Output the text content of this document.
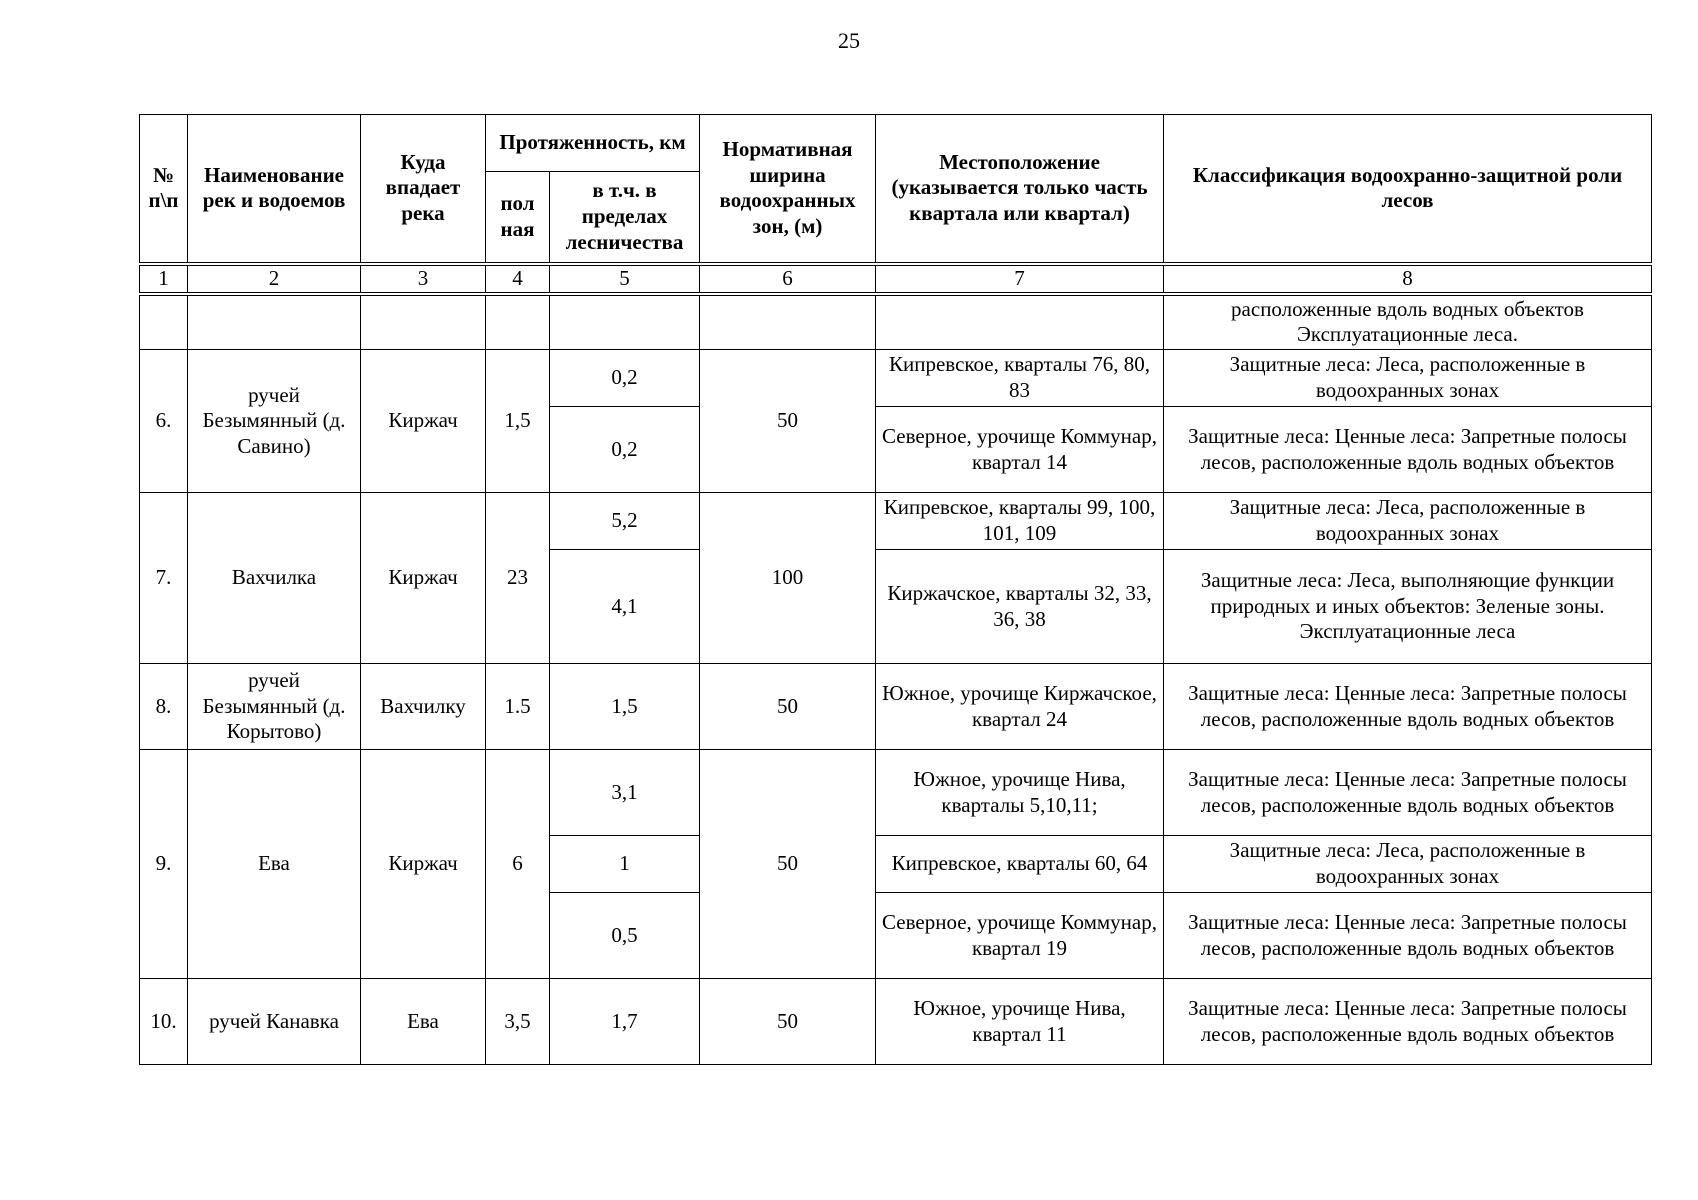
25
№ п\п	Наименование рек и водоемов	Куда впадает река	Протяженность, км		Нормативная ширина водоохранных зон, (м)	Местоположение (указывается только часть квартала или квартал)	Классификация водоохранно-защитной роли лесов
			пол ная	в т.ч. в пределах лесничества			
1	2	3	4	5	6	7	8
							расположенные вдоль водных объектов Эксплуатационные леса.
6.	ручей Безымянный (д. Савино)	Киржач	1,5	0,2	50	Кипревское, кварталы 76, 80, 83	Защитные леса: Леса, расположенные в водоохранных зонах
				0,2		Северное, урочище Коммунар, квартал 14	Защитные леса: Ценные леса: Запретные полосы лесов, расположенные вдоль водных объектов
7.	Вахчилка	Киржач	23	5,2	100	Кипревское, кварталы 99, 100, 101, 109	Защитные леса: Леса, расположенные в водоохранных зонах
				4,1		Киржачское, кварталы 32, 33, 36, 38	Защитные леса: Леса, выполняющие функции природных и иных объектов: Зеленые зоны. Эксплуатационные леса
8.	ручей Безымянный (д. Корытово)	Вахчилку	1.5	1,5	50	Южное, урочище Киржачское, квартал 24	Защитные леса: Ценные леса: Запретные полосы лесов, расположенные вдоль водных объектов
9.	Ева	Киржач	6	3,1	50	Южное, урочище Нива, кварталы 5,10,11;	Защитные леса: Ценные леса: Запретные полосы лесов, расположенные вдоль водных объектов
				1		Кипревское, кварталы 60, 64	Защитные леса: Леса, расположенные в водоохранных зонах
				0,5		Северное, урочище Коммунар, квартал 19	Защитные леса: Ценные леса: Запретные полосы лесов, расположенные вдоль водных объектов
10.	ручей Канавка	Ева	3,5	1,7	50	Южное, урочище Нива, квартал 11	Защитные леса: Ценные леса: Запретные полосы лесов, расположенные вдоль водных объектов
